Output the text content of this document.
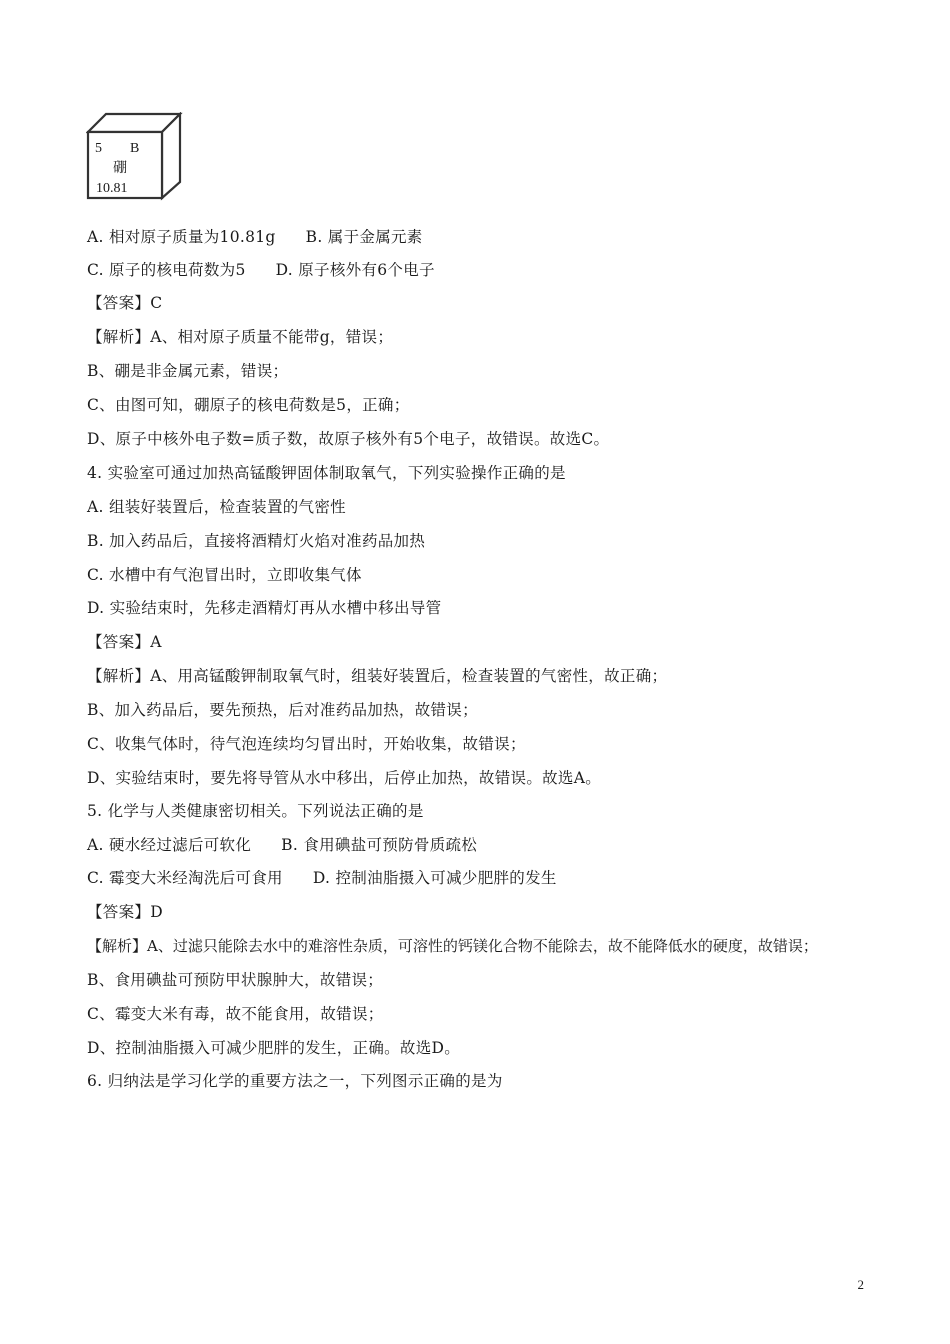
5 B
硼
10.81
A. 相对原子质量为10.81g B. 属于金属元素
C. 原子的核电荷数为5 D. 原子核外有6个电子
【答案】C
【解析】A、相对原子质量不能带g，错误；
B、硼是非金属元素，错误；
C、由图可知，硼原子的核电荷数是5，正确；
D、原子中核外电子数=质子数，故原子核外有5个电子，故错误。故选C。
4. 实验室可通过加热高锰酸钾固体制取氧气，下列实验操作正确的是
A. 组装好装置后，检查装置的气密性
B. 加入药品后，直接将酒精灯火焰对准药品加热
C. 水槽中有气泡冒出时，立即收集气体
D. 实验结束时，先移走酒精灯再从水槽中移出导管
【答案】A
【解析】A、用高锰酸钾制取氧气时，组装好装置后，检查装置的气密性，故正确；
B、加入药品后，要先预热，后对准药品加热，故错误；
C、收集气体时，待气泡连续均匀冒出时，开始收集，故错误；
D、实验结束时，要先将导管从水中移出，后停止加热，故错误。故选A。
5. 化学与人类健康密切相关。下列说法正确的是
A. 硬水经过滤后可软化 B. 食用碘盐可预防骨质疏松
C. 霉变大米经淘洗后可食用 D. 控制油脂摄入可减少肥胖的发生
【答案】D
【解析】A、过滤只能除去水中的难溶性杂质，可溶性的钙镁化合物不能除去，故不能降低水的硬度，故错误；
B、食用碘盐可预防甲状腺肿大，故错误；
C、霉变大米有毒，故不能食用，故错误；
D、控制油脂摄入可减少肥胖的发生，正确。故选D。
6. 归纳法是学习化学的重要方法之一，下列图示正确的是为
2
